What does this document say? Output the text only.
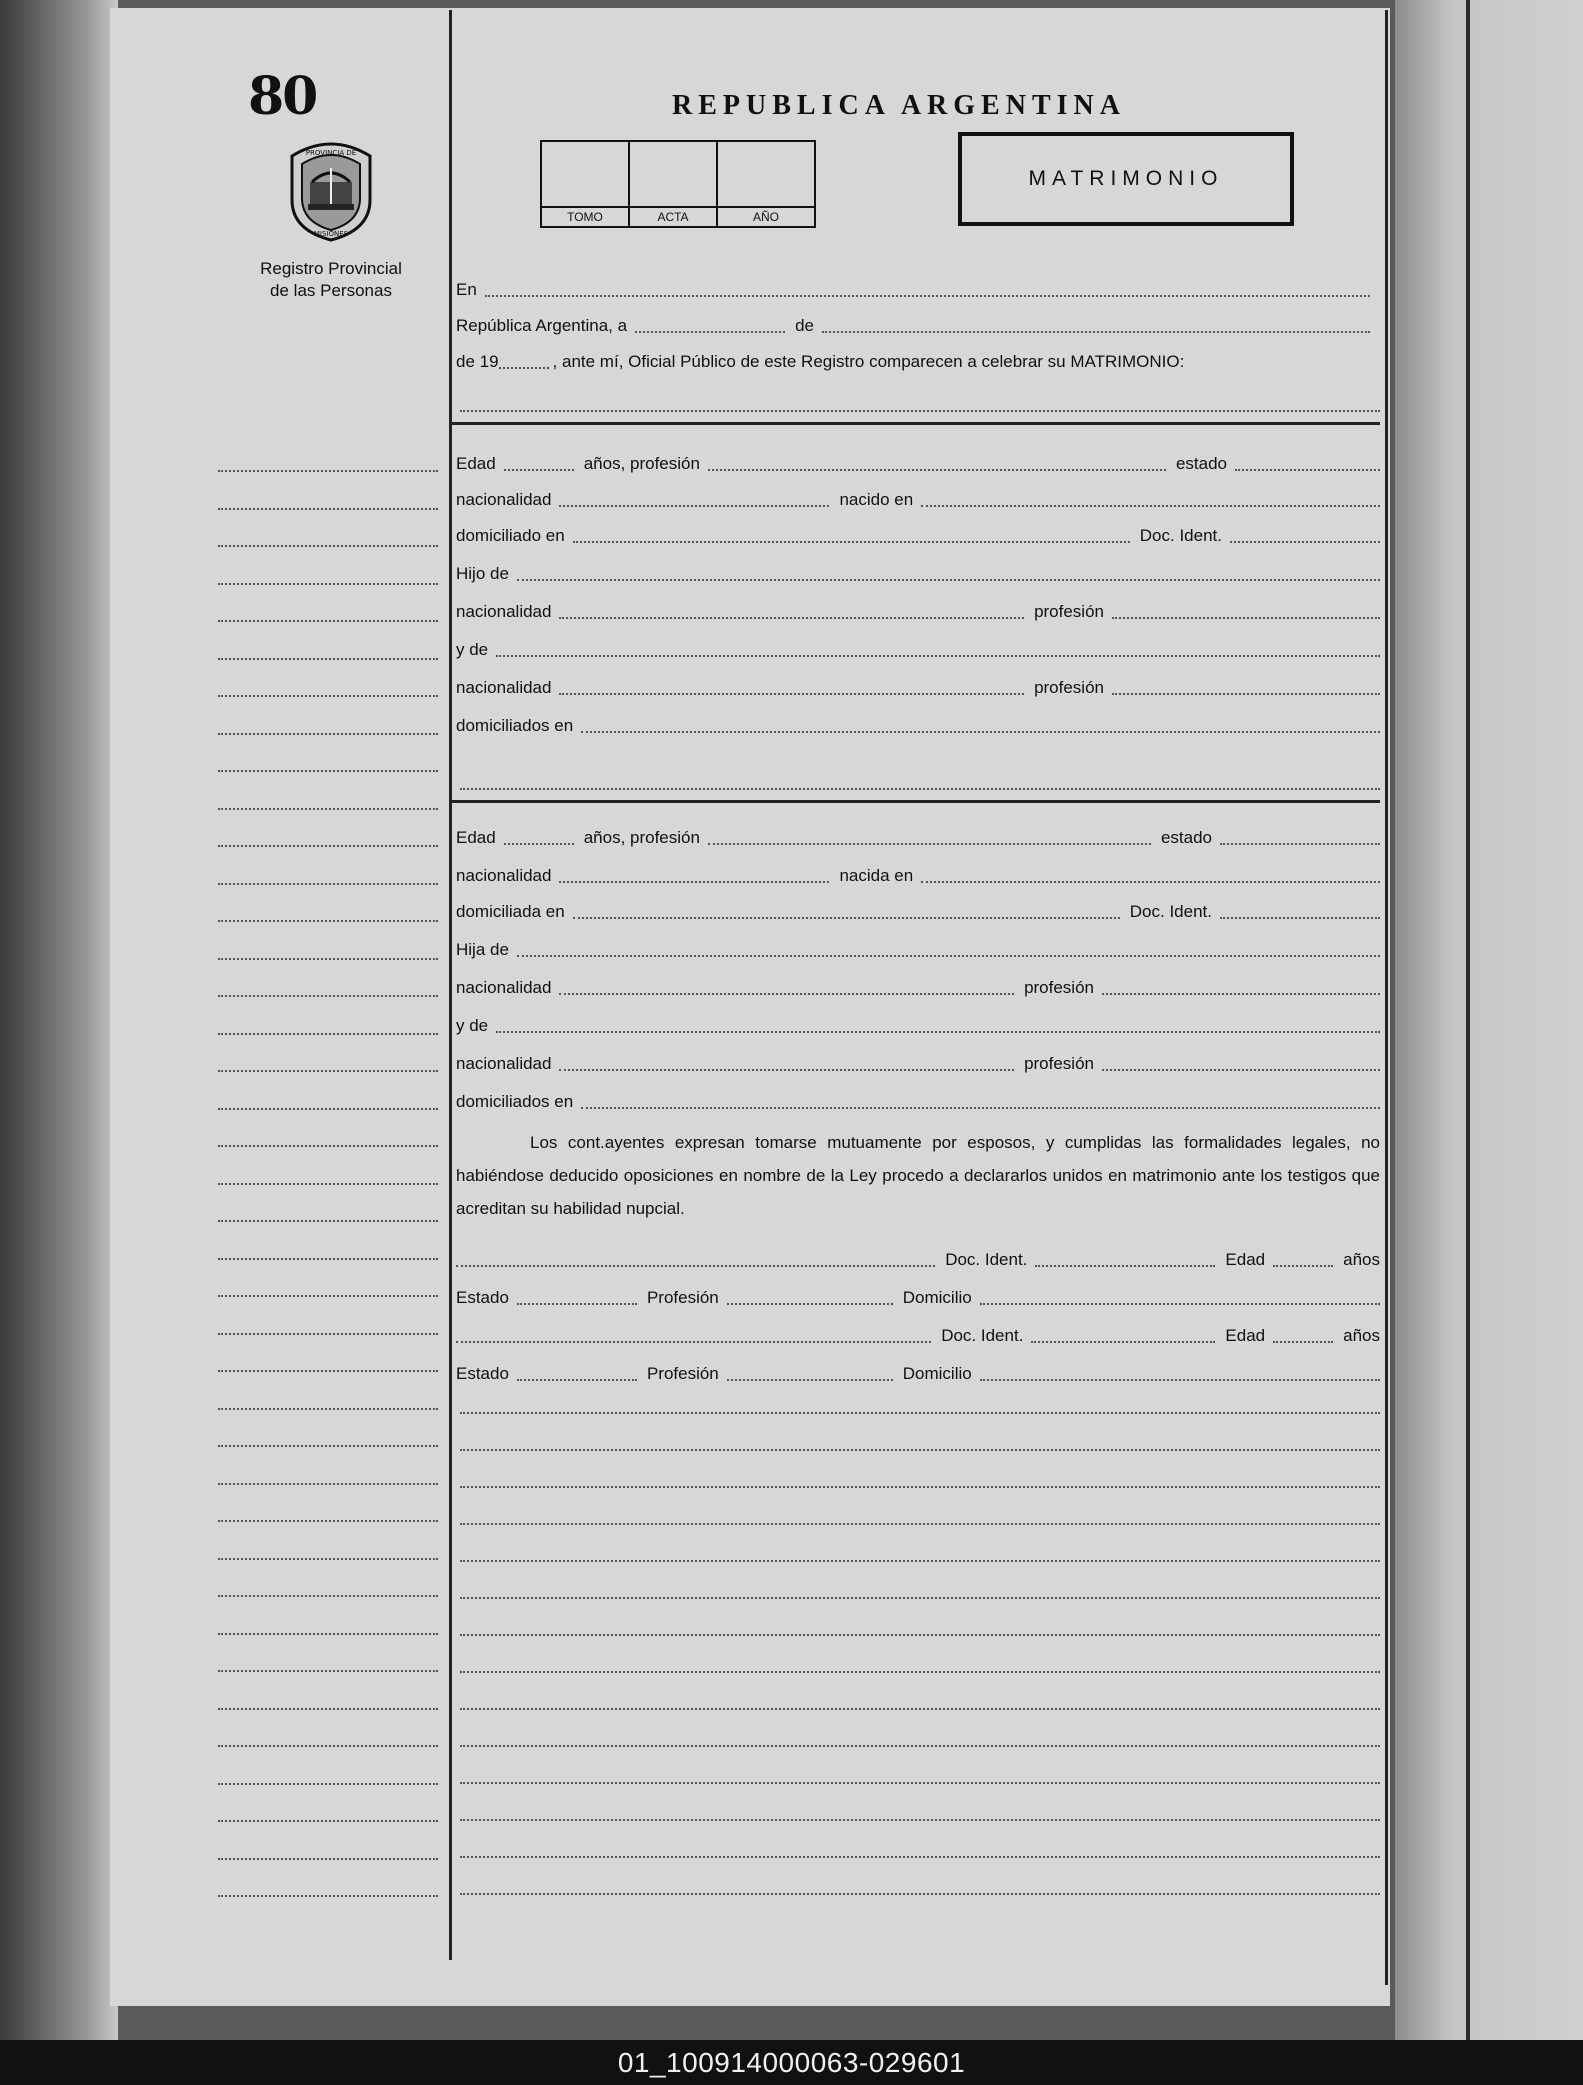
80
PROVINCIA DE
MISIONES
Registro Provincial
de las Personas
REPUBLICA ARGENTINA
TOMO	ACTA	AÑO
MATRIMONIO
En
República Argentina, a	de
de 19	, ante mí, Oficial Público de este Registro comparecen a celebrar su MATRIMONIO:
Edad	años, profesión	estado
nacionalidad	nacido en
domiciliado en	Doc. Ident.
Hijo de
nacionalidad	profesión
y de
nacionalidad	profesión
domiciliados en
Edad	años, profesión	estado
nacionalidad	nacida en
domiciliada en	Doc. Ident.
Hija de
nacionalidad	profesión
y de
nacionalidad	profesión
domiciliados en
Los cont.ayentes expresan tomarse mutuamente por esposos, y cumplidas las formalidades legales, no habiéndose deducido oposiciones en nombre de la Ley procedo a declararlos unidos en matrimonio ante los testigos que acreditan su habilidad nupcial.
Doc. Ident.	Edad	años
Estado	Profesión	Domicilio
Doc. Ident.	Edad	años
Estado	Profesión	Domicilio
01_100914000063-029601
